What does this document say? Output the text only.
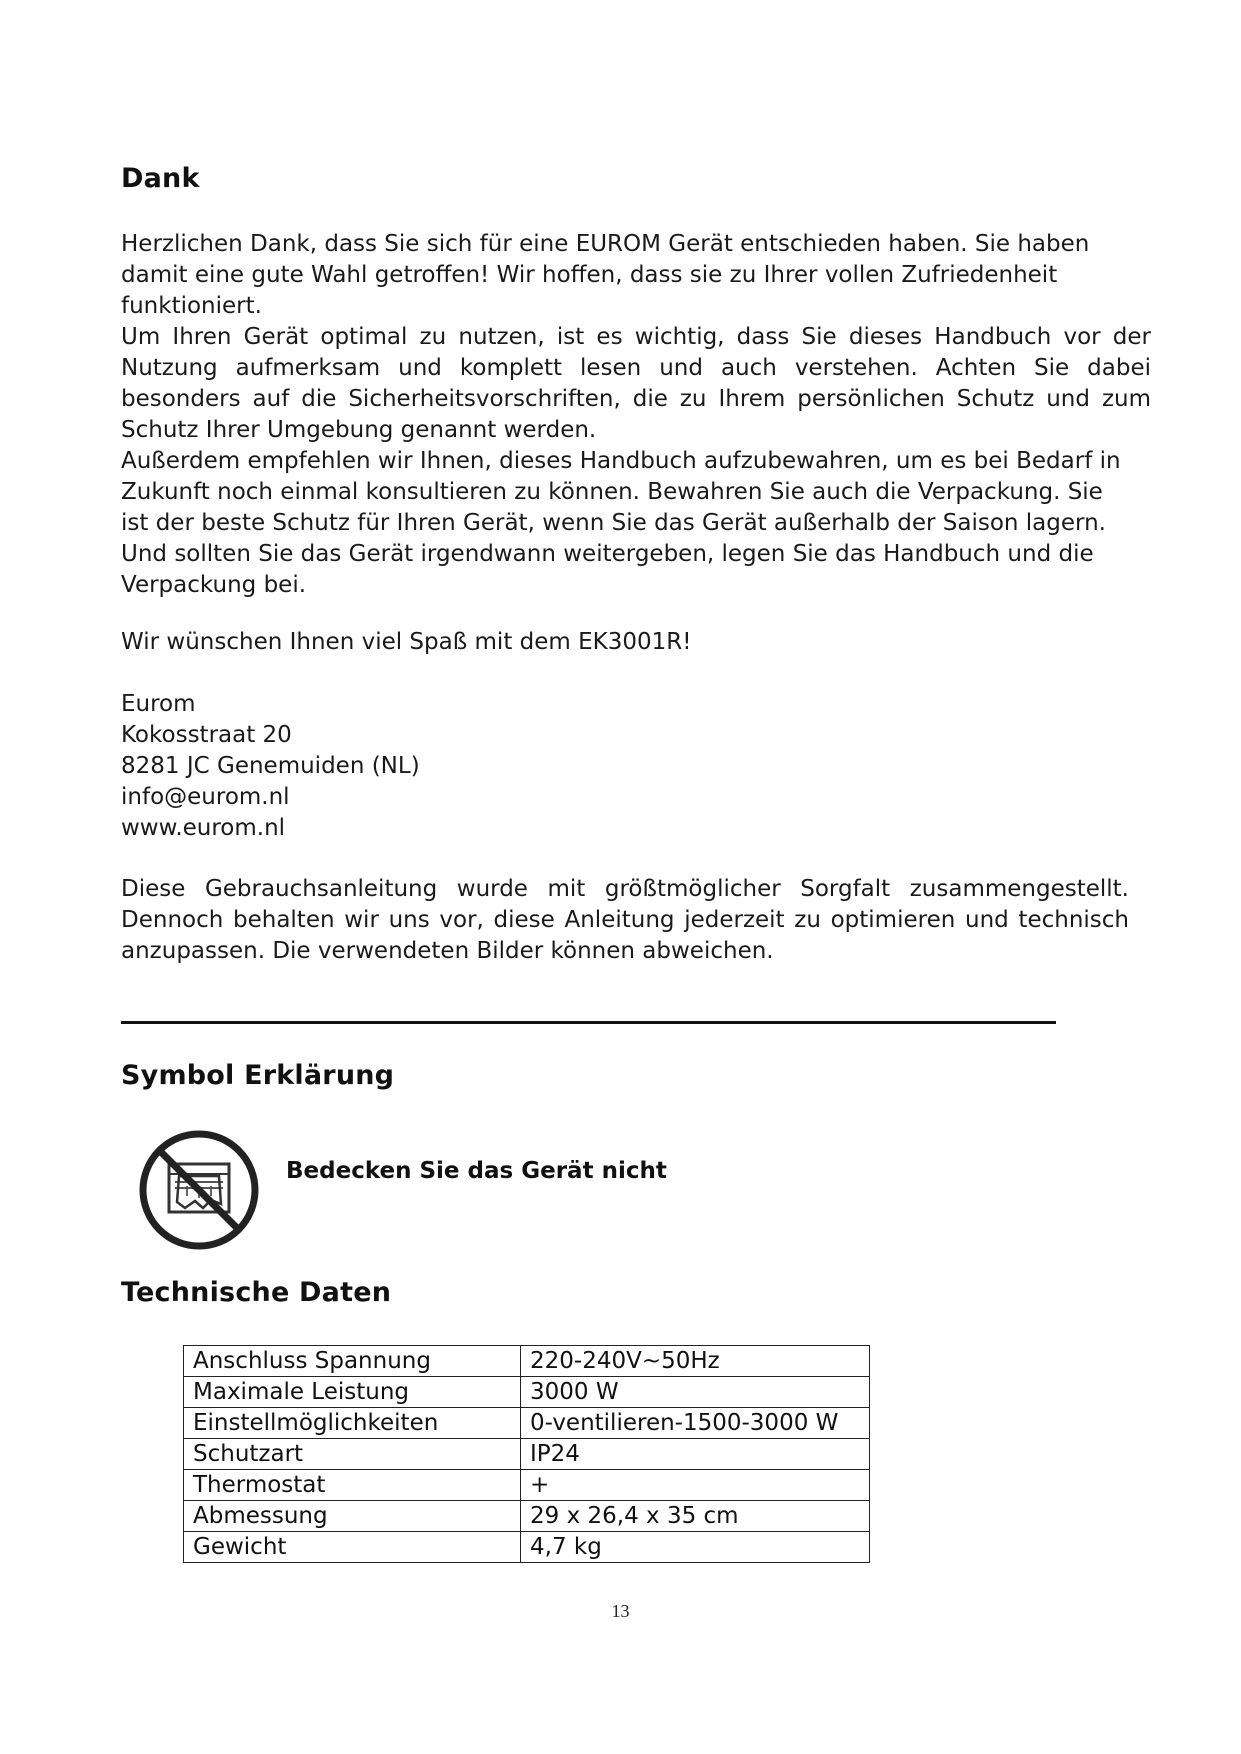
Dank

Herzlichen Dank, dass Sie sich für eine EUROM Gerät entschieden haben. Sie haben damit eine gute Wahl getroffen! Wir hoffen, dass sie zu Ihrer vollen Zufriedenheit funktioniert.

Um Ihren Gerät optimal zu nutzen, ist es wichtig, dass Sie dieses Handbuch vor der Nutzung aufmerksam und komplett lesen und auch verstehen. Achten Sie dabei besonders auf die Sicherheitsvorschriften, die zu Ihrem persönlichen Schutz und zum Schutz Ihrer Umgebung genannt werden.

Außerdem empfehlen wir Ihnen, dieses Handbuch aufzubewahren, um es bei Bedarf in Zukunft noch einmal konsultieren zu können. Bewahren Sie auch die Verpackung. Sie ist der beste Schutz für Ihren Gerät, wenn Sie das Gerät außerhalb der Saison lagern. Und sollten Sie das Gerät irgendwann weitergeben, legen Sie das Handbuch und die Verpackung bei.

Wir wünschen Ihnen viel Spaß mit dem EK3001R!
Eurom
Kokosstraat 20
8281 JC Genemuiden (NL)
info@eurom.nl
www.eurom.nl
Diese Gebrauchsanleitung wurde mit größtmöglicher Sorgfalt zusammengestellt. Dennoch behalten wir uns vor, diese Anleitung jederzeit zu optimieren und technisch anzupassen. Die verwendeten Bilder können abweichen.
Symbol Erklärung
Bedecken Sie das Gerät nicht
Technische Daten
Anschluss Spannung	220-240V~50Hz
Maximale Leistung	3000 W
Einstellmöglichkeiten	0-ventilieren-1500-3000 W
Schutzart	IP24
Thermostat	+
Abmessung	29 x 26,4 x 35 cm
Gewicht	4,7 kg
13
